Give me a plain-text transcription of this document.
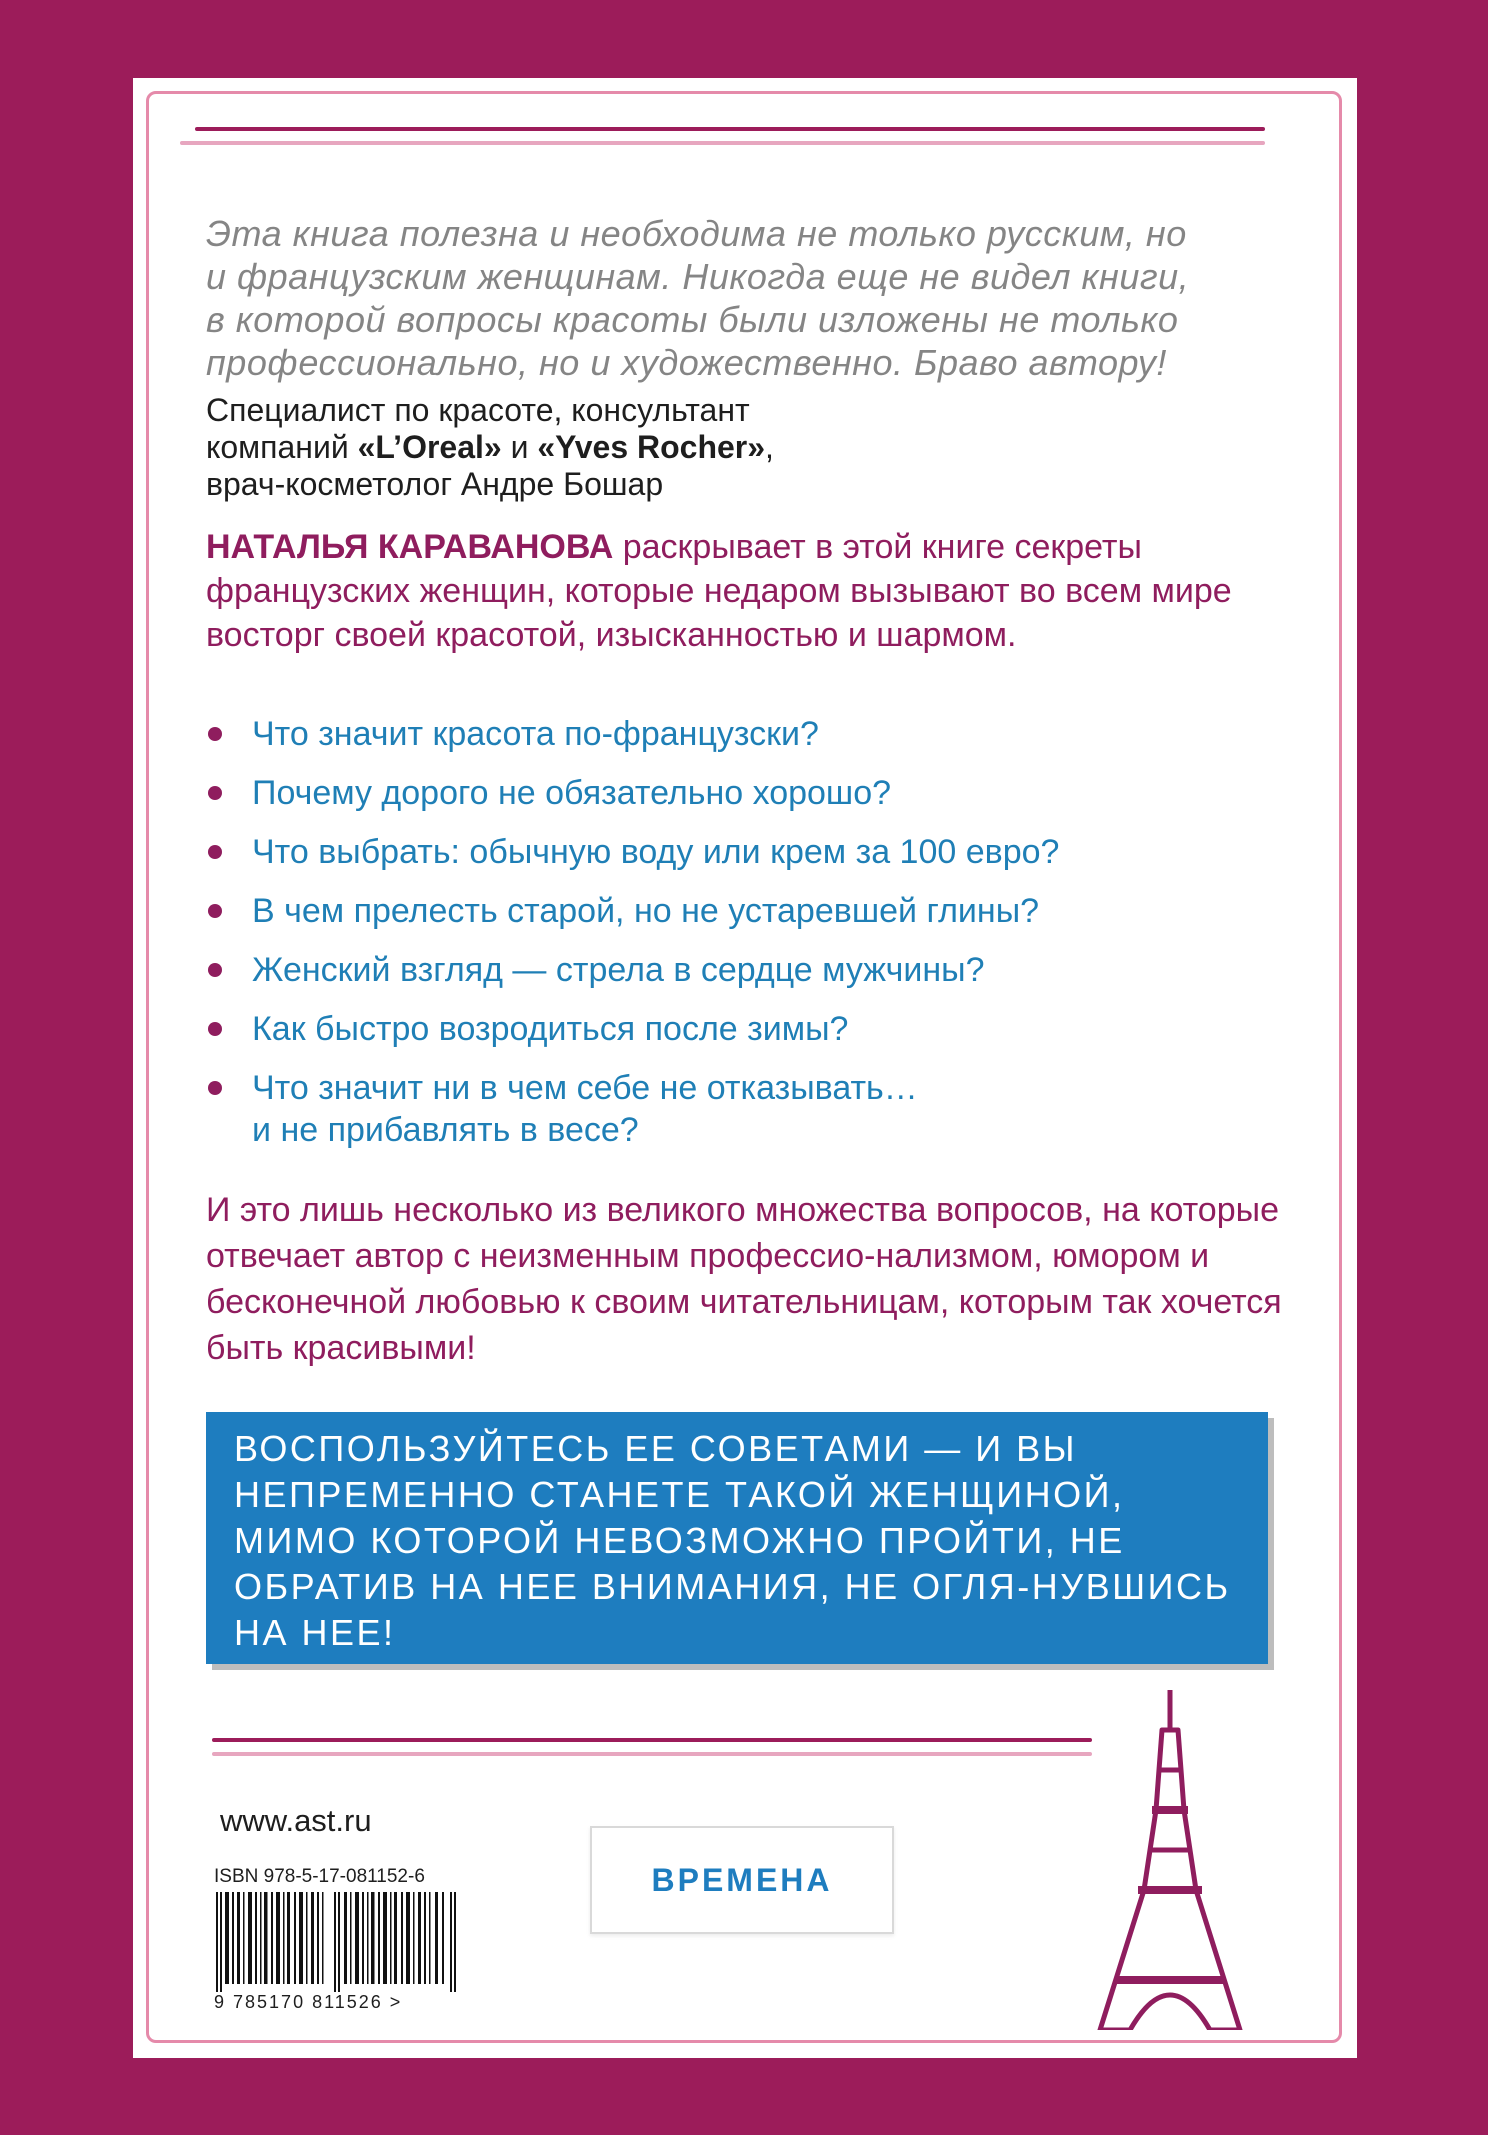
Эта книга полезна и необходима не только русским, но
и французским женщинам. Никогда еще не видел книги,
в которой вопросы красоты были изложены не только
профессионально, но и художественно. Браво автору!

Специалист по красоте, консультант
компаний «L’Oreal» и «Yves Rocher»,
врач-косметолог Андре Бошар

НАТАЛЬЯ КАРАВАНОВА раскрывает в этой книге секреты французских женщин, которые недаром вызывают во всем мире восторг своей красотой, изысканностью и шармом.

Что значит красота по-французски?
Почему дорого не обязательно хорошо?
Что выбрать: обычную воду или крем за 100 евро?
В чем прелесть старой, но не устаревшей глины?
Женский взгляд — стрела в сердце мужчины?
Как быстро возродиться после зимы?
Что значит ни в чем себе не отказывать…
и не прибавлять в весе?

И это лишь несколько из великого множества вопросов, на которые отвечает автор с неизменным профессио-нализмом, юмором и бесконечной любовью к своим читательницам, которым так хочется быть красивыми!

ВОСПОЛЬЗУЙТЕСЬ ЕЕ СОВЕТАМИ — И ВЫ НЕПРЕМЕННО СТАНЕТЕ ТАКОЙ ЖЕНЩИНОЙ, МИМО КОТОРОЙ НЕВОЗМОЖНО ПРОЙТИ, НЕ ОБРАТИВ НА НЕЕ ВНИМАНИЯ, НЕ ОГЛЯ-НУВШИСЬ НА НЕЕ!

www.ast.ru

ISBN 978-5-17-081152-6

9 785170 811526 >

ВРЕМЕНА
